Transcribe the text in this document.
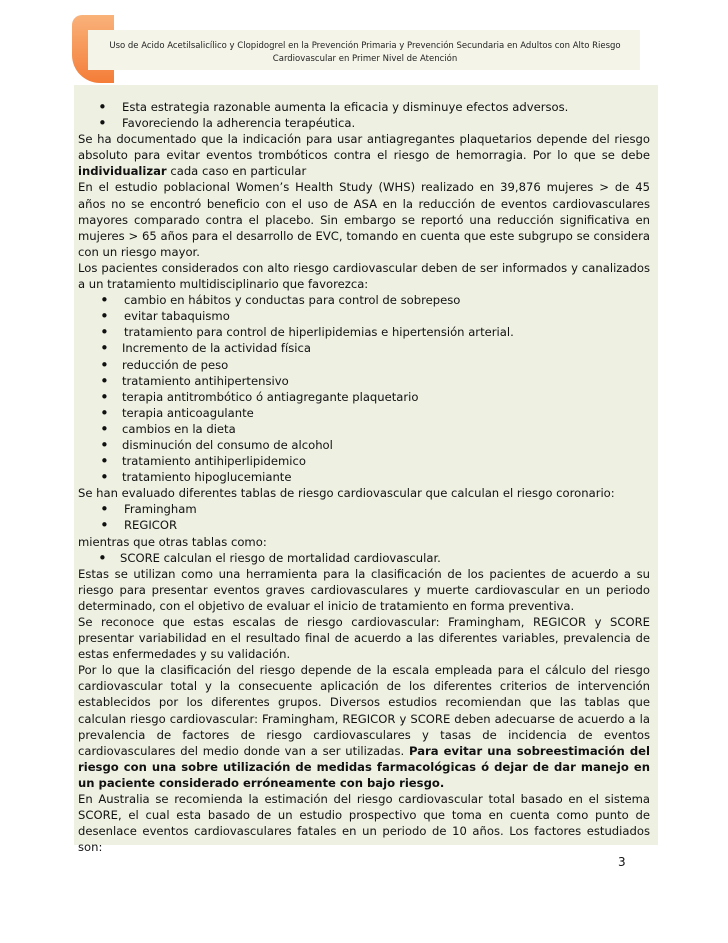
Uso de Acido Acetilsalicílico y Clopidogrel en la Prevención Primaria y Prevención Secundaria en Adultos con Alto Riesgo
Cardiovascular en Primer Nivel de Atención
• Esta estrategia razonable aumenta la eficacia y disminuye efectos adversos.
• Favoreciendo la adherencia terapéutica.

Se ha documentado que la indicación para usar antiagregantes plaquetarios depende del riesgo absoluto para evitar eventos trombóticos contra el riesgo de hemorragia. Por lo que se debe individualizar cada caso en particular

En el estudio poblacional Women’s Health Study (WHS) realizado en 39,876 mujeres > de 45 años no se encontró beneficio con el uso de ASA en la reducción de eventos cardiovasculares mayores comparado contra el placebo. Sin embargo se reportó una reducción significativa en mujeres > 65 años para el desarrollo de EVC, tomando en cuenta que este subgrupo se considera con un riesgo mayor.

Los pacientes considerados con alto riesgo cardiovascular deben de ser informados y canalizados a un tratamiento multidisciplinario que favorezca:

• cambio en hábitos y conductas para control de sobrepeso
• evitar tabaquismo
• tratamiento para control de hiperlipidemias e hipertensión arterial.
• Incremento de la actividad física
• reducción de peso
• tratamiento antihipertensivo
• terapia antitrombótico ó antiagregante plaquetario
• terapia anticoagulante
• cambios en la dieta
• disminución del consumo de alcohol
• tratamiento antihiperlipidemico
• tratamiento hipoglucemiante

Se han evaluado diferentes tablas de riesgo cardiovascular que calculan el riesgo coronario:

• Framingham
• REGICOR

mientras que otras tablas como:

• SCORE calculan el riesgo de mortalidad cardiovascular.

Estas se utilizan como una herramienta para la clasificación de los pacientes de acuerdo a su riesgo para presentar eventos graves cardiovasculares y muerte cardiovascular en un periodo determinado, con el objetivo de evaluar el inicio de tratamiento en forma preventiva.

Se reconoce que estas escalas de riesgo cardiovascular: Framingham, REGICOR y SCORE presentar variabilidad en el resultado final de acuerdo a las diferentes variables, prevalencia de estas enfermedades y su validación.

Por lo que la clasificación del riesgo depende de la escala empleada para el cálculo del riesgo cardiovascular total y la consecuente aplicación de los diferentes criterios de intervención establecidos por los diferentes grupos. Diversos estudios recomiendan que las tablas que calculan riesgo cardiovascular: Framingham, REGICOR y SCORE deben adecuarse de acuerdo a la prevalencia de factores de riesgo cardiovasculares y tasas de incidencia de eventos cardiovasculares del medio donde van a ser utilizadas. Para evitar una sobreestimación del riesgo con una sobre utilización de medidas farmacológicas ó dejar de dar manejo en un paciente considerado erróneamente con bajo riesgo.

En Australia se recomienda la estimación del riesgo cardiovascular total basado en el sistema SCORE, el cual esta basado de un estudio prospectivo que toma en cuenta como punto de desenlace eventos cardiovasculares fatales en un periodo de 10 años. Los factores estudiados son:

3
